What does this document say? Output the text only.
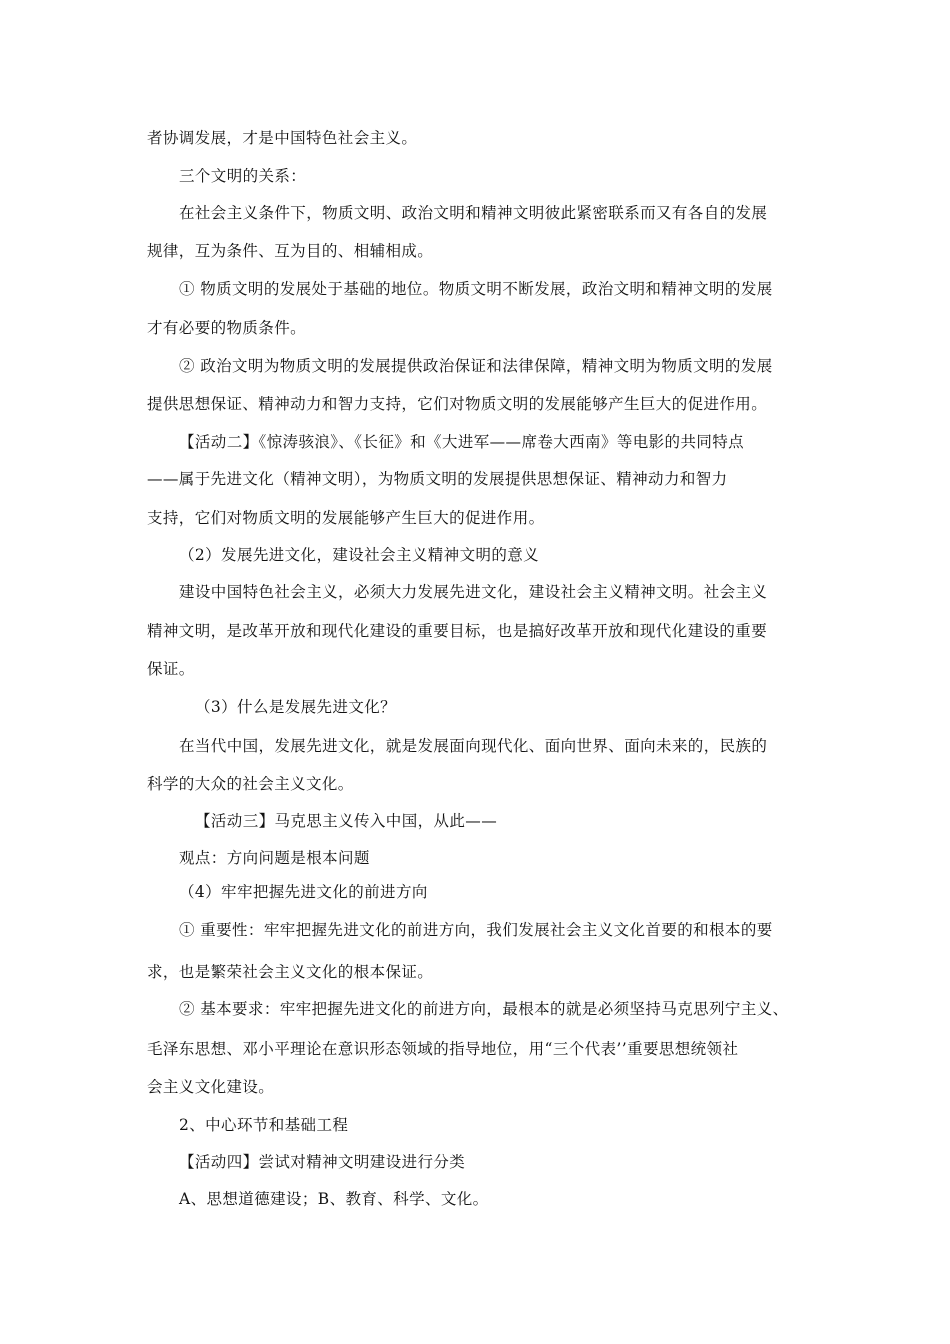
者协调发展，才是中国特色社会主义。
三个文明的关系：
在社会主义条件下，物质文明、政治文明和精神文明彼此紧密联系而又有各自的发展
规律，互为条件、互为目的、相辅相成。
① 物质文明的发展处于基础的地位。物质文明不断发展，政治文明和精神文明的发展
才有必要的物质条件。
② 政治文明为物质文明的发展提供政治保证和法律保障，精神文明为物质文明的发展
提供思想保证、精神动力和智力支持，它们对物质文明的发展能够产生巨大的促进作用。
【活动二】《惊涛骇浪》、《长征》和《大进军——席卷大西南》等电影的共同特点
——属于先进文化（精神文明），为物质文明的发展提供思想保证、精神动力和智力
支持，它们对物质文明的发展能够产生巨大的促进作用。
（2）发展先进文化，建设社会主义精神文明的意义
建设中国特色社会主义，必须大力发展先进文化，建设社会主义精神文明。社会主义
精神文明，是改革开放和现代化建设的重要目标，也是搞好改革开放和现代化建设的重要
保证。
（3）什么是发展先进文化？
在当代中国，发展先进文化，就是发展面向现代化、面向世界、面向未来的，民族的
科学的大众的社会主义文化。
【活动三】马克思主义传入中国，从此——
观点：方向问题是根本问题
（4）牢牢把握先进文化的前进方向
① 重要性：牢牢把握先进文化的前进方向，我们发展社会主义文化首要的和根本的要
求，也是繁荣社会主义文化的根本保证。
② 基本要求：牢牢把握先进文化的前进方向，最根本的就是必须坚持马克思列宁主义、
毛泽东思想、邓小平理论在意识形态领域的指导地位，用“三个代表’’重要思想统领社
会主义文化建设。
2、中心环节和基础工程
【活动四】尝试对精神文明建设进行分类
A、思想道德建设；B、教育、科学、文化。
